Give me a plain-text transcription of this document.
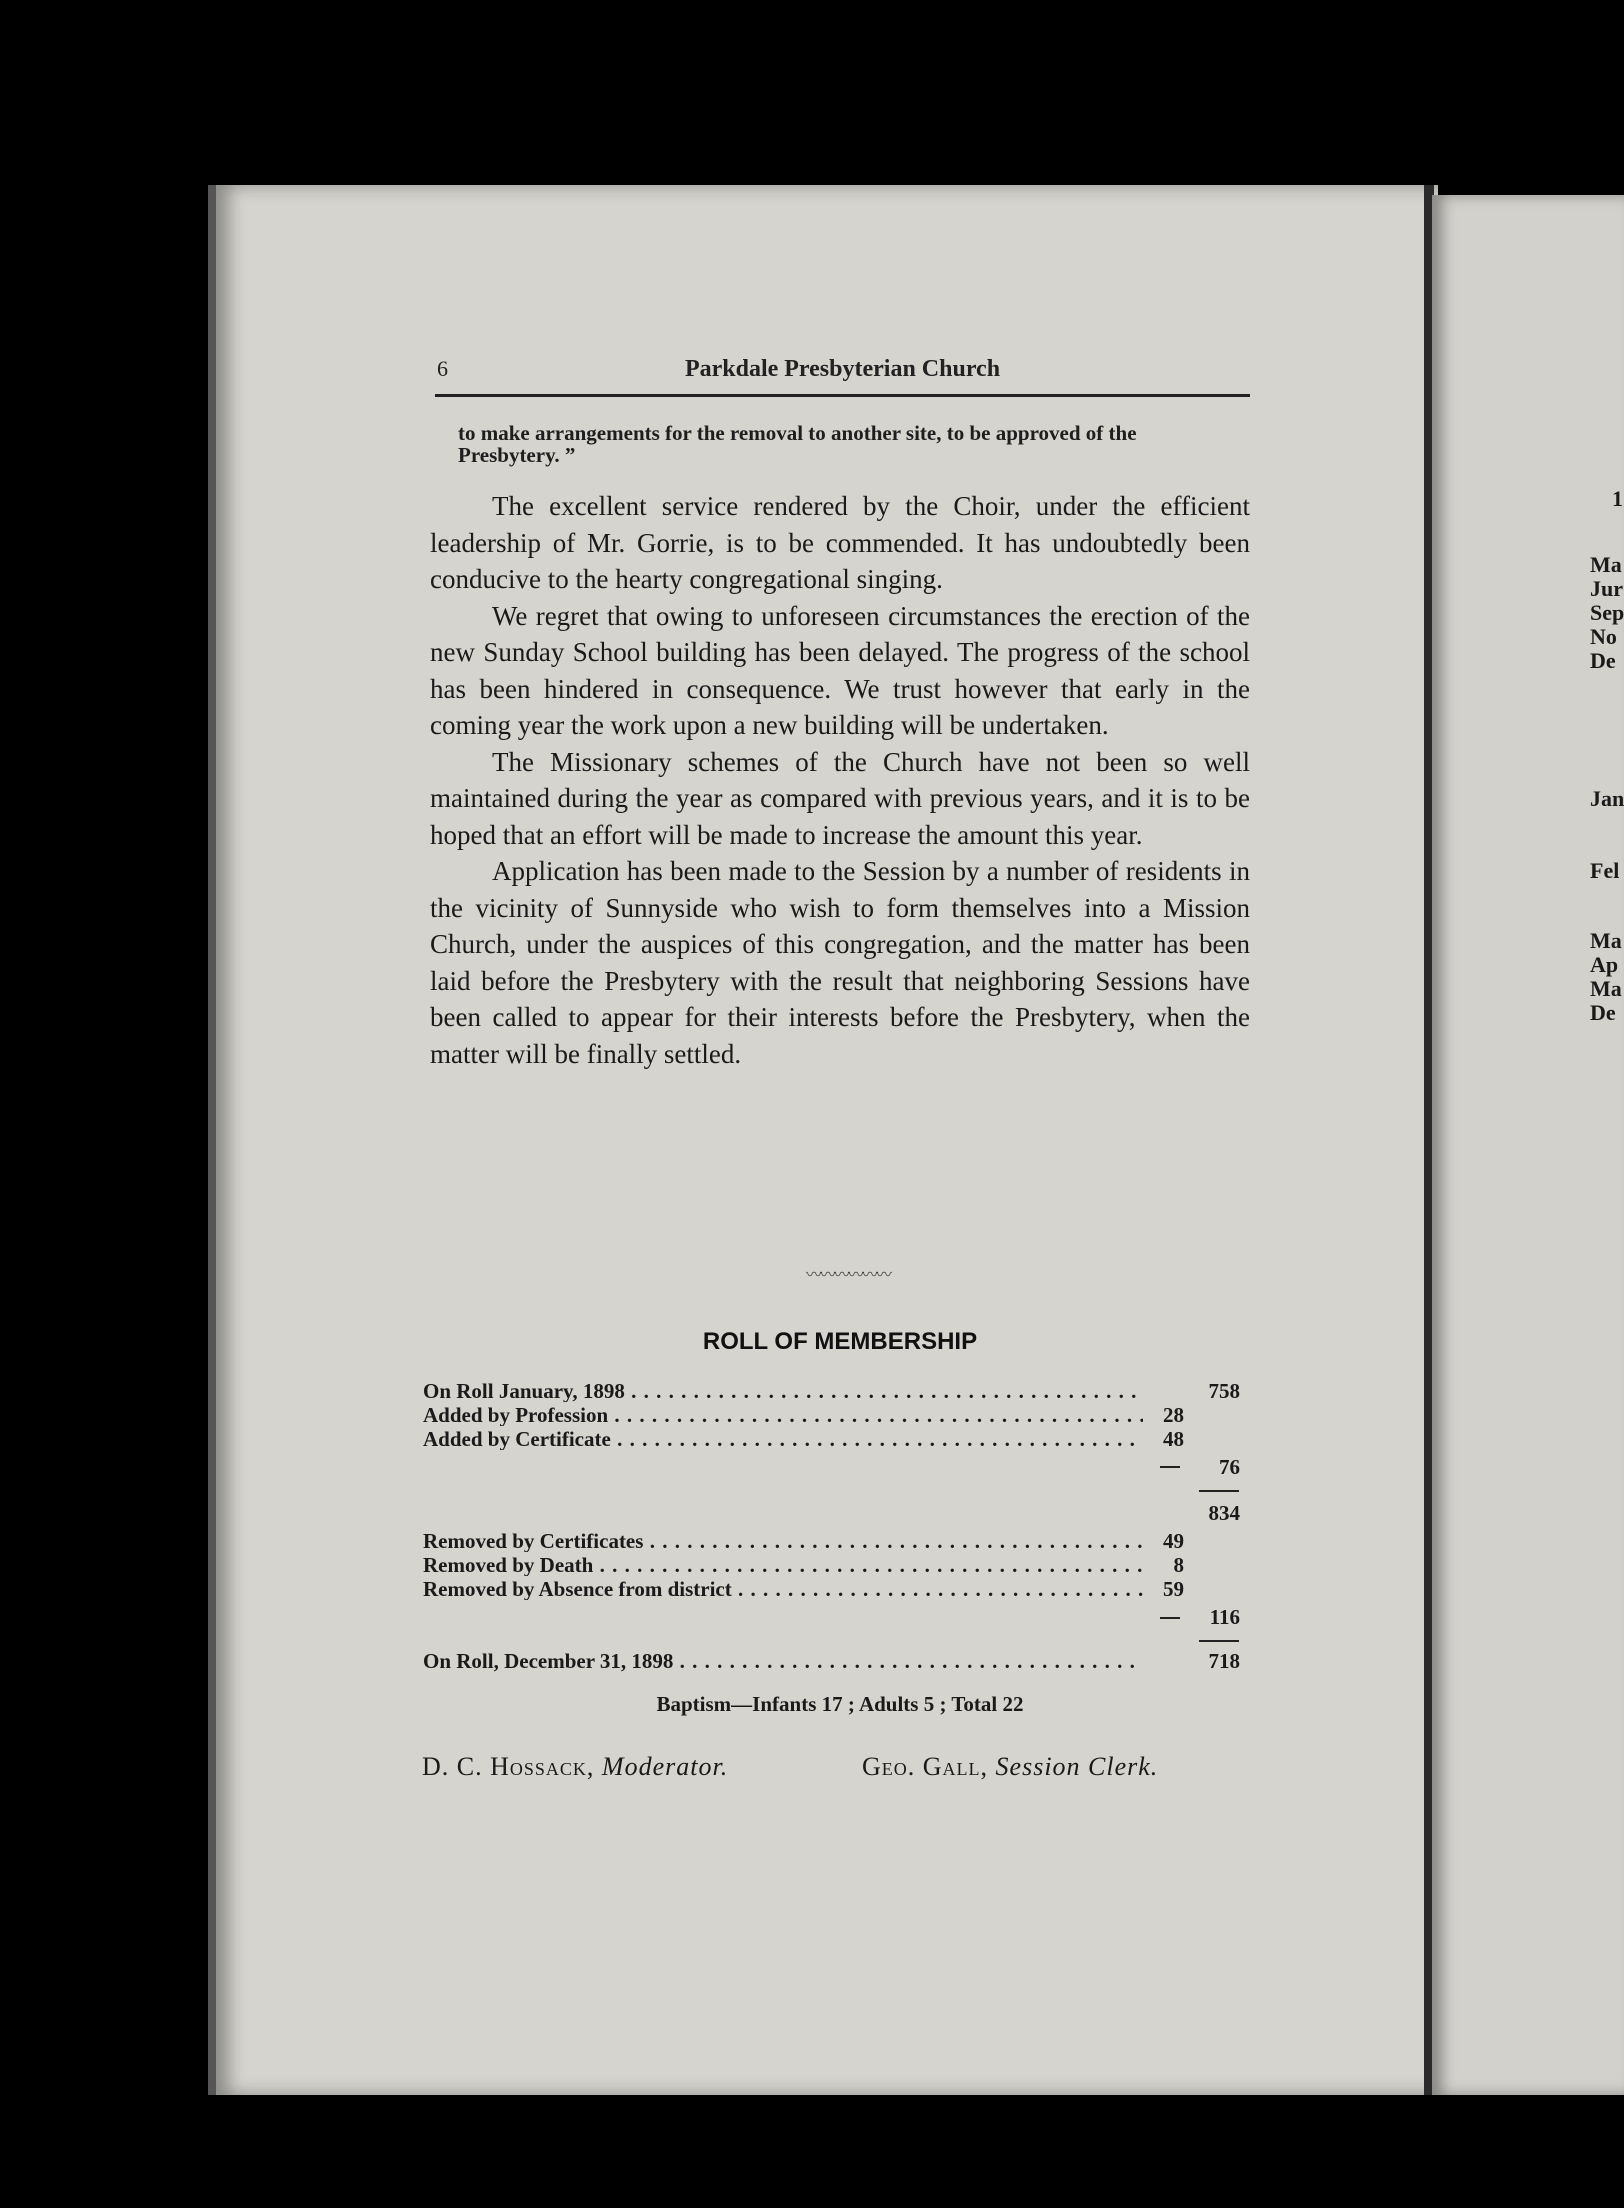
6	Parkdale Presbyterian Church
to make arrangements for the removal to another site, to be approved of the Presbytery. ”

The excellent service rendered by the Choir, under the efficient leadership of Mr. Gorrie, is to be commended. It has undoubtedly been conducive to the hearty congregational singing.

We regret that owing to unforeseen circumstances the erection of the new Sunday School building has been delayed. The progress of the school has been hindered in consequence. We trust however that early in the coming year the work upon a new building will be undertaken.

The Missionary schemes of the Church have not been so well maintained during the year as compared with previous years, and it is to be hoped that an effort will be made to increase the amount this year.

Application has been made to the Session by a number of residents in the vicinity of Sunnyside who wish to form themselves into a Mission Church, under the auspices of this congregation, and the matter has been laid before the Presbytery with the result that neighboring Sessions have been called to appear for their interests before the Presbytery, when the matter will be finally settled.

〰〰〰〰〰〰
ROLL OF MEMBERSHIP
On Roll January, 1898 . . .	758
Added by Profession . . .	28
Added by Certificate . . .	48
76
834
Removed by Certificates . . .	49
Removed by Death . . .	8
Removed by Absence from district . . .	59
116
On Roll, December 31, 1898 . . .	718
Baptism—Infants 17 ; Adults 5 ; Total 22
D. C. Hossack, Moderator.	Geo. Gall, Session Clerk.
1
Ma
Jur
Sep
No
De
Jan
Fel
Ma
Ap
Ma
De
